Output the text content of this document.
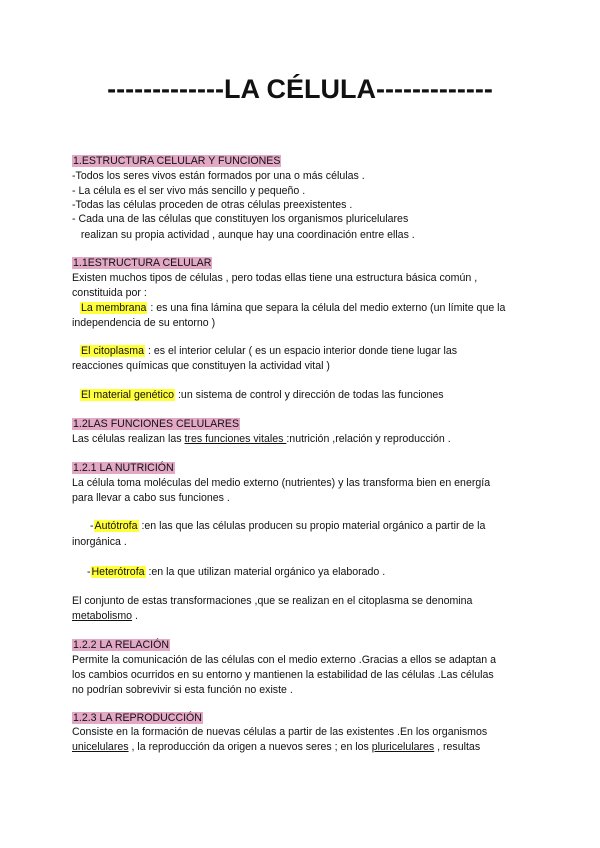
-------------LA CÉLULA-------------
1.ESTRUCTURA CELULAR Y FUNCIONES
-Todos los seres vivos están formados por una o más células .
- La célula es el ser vivo más sencillo y pequeño .
-Todas las células proceden de otras células preexistentes .
- Cada una de las células que constituyen los organismos pluricelulares
realizan su propia actividad , aunque hay una coordinación entre ellas .
1.1ESTRUCTURA CELULAR
Existen muchos tipos de células , pero todas ellas tiene una estructura básica común ,
constituida por :
La membrana : es una fina lámina que separa la célula del medio externo (un límite que la
independencia de su entorno )
El citoplasma : es el interior celular ( es un espacio interior donde tiene lugar las
reacciones químicas que constituyen la actividad vital )
El material genético :un sistema de control y dirección de todas las funciones
1.2LAS FUNCIONES CELULARES
Las células realizan las tres funciones vitales :nutrición ,relación y reproducción .
1.2.1 LA NUTRICIÓN
La célula toma moléculas del medio externo (nutrientes) y las transforma bien en energía
para llevar a cabo sus funciones .
-Autótrofa :en las que las células producen su propio material orgánico a partir de la
inorgánica .
-Heterótrofa :en la que utilizan material orgánico ya elaborado .
El conjunto de estas transformaciones ,que se realizan en el citoplasma se denomina
metabolismo .
1.2.2 LA RELACIÓN
Permite la comunicación de las células con el medio externo .Gracias a ellos se adaptan a
los cambios ocurridos en su entorno y mantienen la estabilidad de las células .Las células
no podrían sobrevivir si esta función no existe .
1.2.3 LA REPRODUCCIÓN
Consiste en la formación de nuevas células a partir de las existentes .En los organismos
unicelulares , la reproducción da origen a nuevos seres ; en los pluricelulares , resultas
